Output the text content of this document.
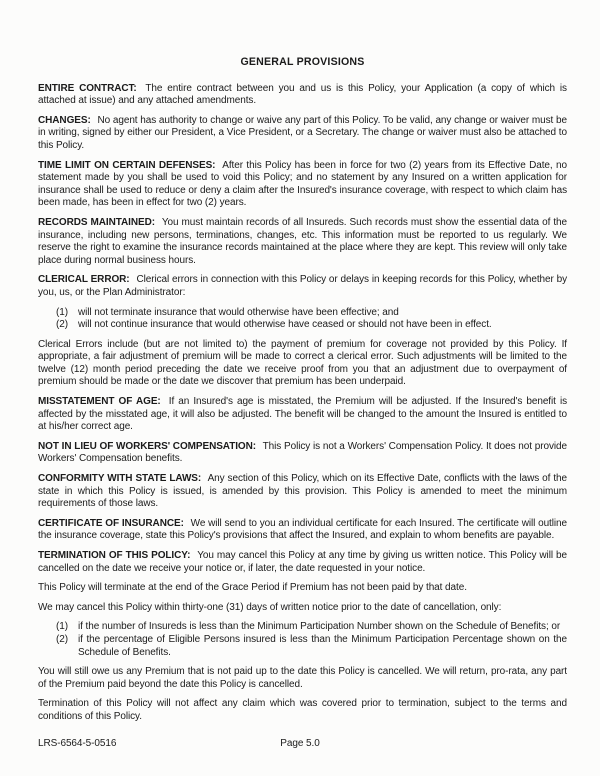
GENERAL PROVISIONS

ENTIRE CONTRACT: The entire contract between you and us is this Policy, your Application (a copy of which is attached at issue) and any attached amendments.

CHANGES: No agent has authority to change or waive any part of this Policy. To be valid, any change or waiver must be in writing, signed by either our President, a Vice President, or a Secretary. The change or waiver must also be attached to this Policy.

TIME LIMIT ON CERTAIN DEFENSES: After this Policy has been in force for two (2) years from its Effective Date, no statement made by you shall be used to void this Policy; and no statement by any Insured on a written application for insurance shall be used to reduce or deny a claim after the Insured's insurance coverage, with respect to which claim has been made, has been in effect for two (2) years.

RECORDS MAINTAINED: You must maintain records of all Insureds. Such records must show the essential data of the insurance, including new persons, terminations, changes, etc. This information must be reported to us regularly. We reserve the right to examine the insurance records maintained at the place where they are kept. This review will only take place during normal business hours.

CLERICAL ERROR: Clerical errors in connection with this Policy or delays in keeping records for this Policy, whether by you, us, or the Plan Administrator:

(1)	will not terminate insurance that would otherwise have been effective; and
(2)	will not continue insurance that would otherwise have ceased or should not have been in effect.

Clerical Errors include (but are not limited to) the payment of premium for coverage not provided by this Policy. If appropriate, a fair adjustment of premium will be made to correct a clerical error. Such adjustments will be limited to the twelve (12) month period preceding the date we receive proof from you that an adjustment due to overpayment of premium should be made or the date we discover that premium has been underpaid.

MISSTATEMENT OF AGE: If an Insured's age is misstated, the Premium will be adjusted. If the Insured's benefit is affected by the misstated age, it will also be adjusted. The benefit will be changed to the amount the Insured is entitled to at his/her correct age.

NOT IN LIEU OF WORKERS' COMPENSATION: This Policy is not a Workers' Compensation Policy. It does not provide Workers' Compensation benefits.

CONFORMITY WITH STATE LAWS: Any section of this Policy, which on its Effective Date, conflicts with the laws of the state in which this Policy is issued, is amended by this provision. This Policy is amended to meet the minimum requirements of those laws.

CERTIFICATE OF INSURANCE: We will send to you an individual certificate for each Insured. The certificate will outline the insurance coverage, state this Policy's provisions that affect the Insured, and explain to whom benefits are payable.

TERMINATION OF THIS POLICY: You may cancel this Policy at any time by giving us written notice. This Policy will be cancelled on the date we receive your notice or, if later, the date requested in your notice.

This Policy will terminate at the end of the Grace Period if Premium has not been paid by that date.

We may cancel this Policy within thirty-one (31) days of written notice prior to the date of cancellation, only:

(1)	if the number of Insureds is less than the Minimum Participation Number shown on the Schedule of Benefits; or
(2)	if the percentage of Eligible Persons insured is less than the Minimum Participation Percentage shown on the Schedule of Benefits.

You will still owe us any Premium that is not paid up to the date this Policy is cancelled. We will return, pro-rata, any part of the Premium paid beyond the date this Policy is cancelled.

Termination of this Policy will not affect any claim which was covered prior to termination, subject to the terms and conditions of this Policy.

LRS-6564-5-0516	Page 5.0
